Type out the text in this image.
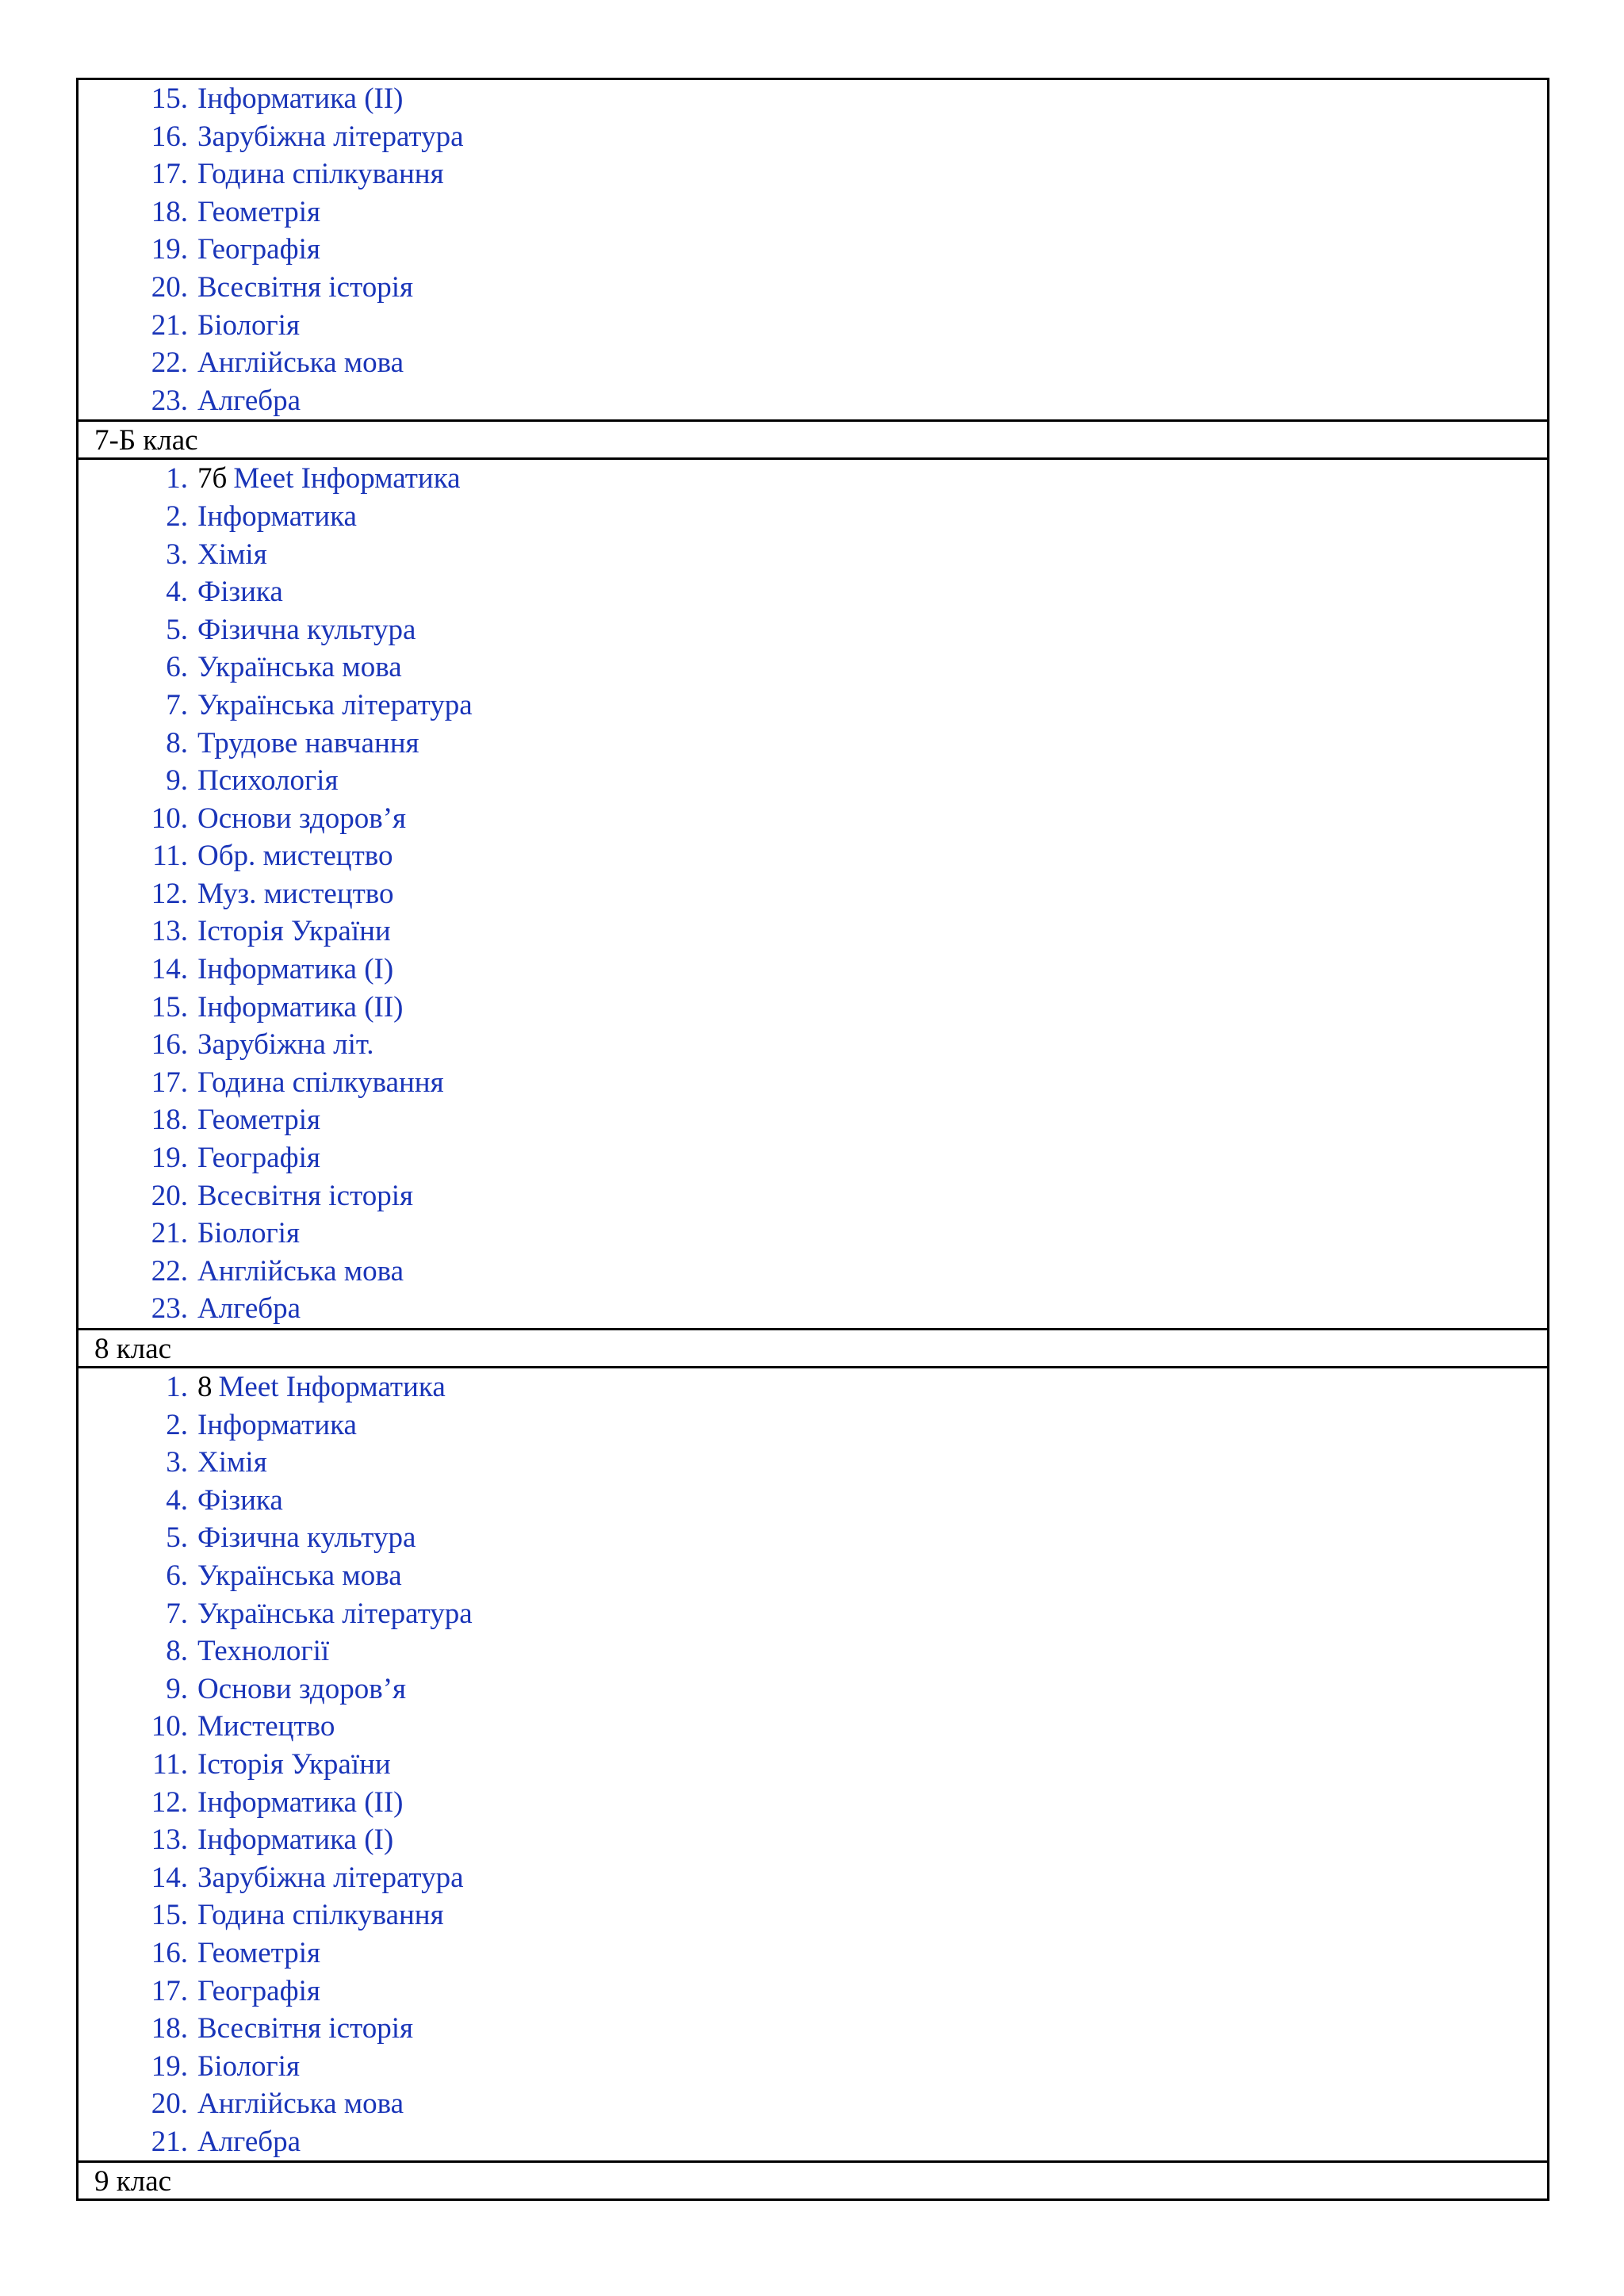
15. Інформатика (II)
16. Зарубіжна література
17. Година спілкування
18. Геометрія
19. Географія
20. Всесвітня історія
21. Біологія
22. Англійська мова
23. Алгебра

7-Б клас

1. 7б Meet Інформатика
2. Інформатика
3. Хімія
4. Фізика
5. Фізична культура
6. Українська мова
7. Українська література
8. Трудове навчання
9. Психологія
10. Основи здоров’я
11. Обр. мистецтво
12. Муз. мистецтво
13. Історія України
14. Інформатика (I)
15. Інформатика (II)
16. Зарубіжна літ.
17. Година спілкування
18. Геометрія
19. Географія
20. Всесвітня історія
21. Біологія
22. Англійська мова
23. Алгебра

8 клас

1. 8 Meet Інформатика
2. Інформатика
3. Хімія
4. Фізика
5. Фізична культура
6. Українська мова
7. Українська література
8. Технології
9. Основи здоров’я
10. Мистецтво
11. Історія України
12. Інформатика (II)
13. Інформатика (I)
14. Зарубіжна література
15. Година спілкування
16. Геометрія
17. Географія
18. Всесвітня історія
19. Біологія
20. Англійська мова
21. Алгебра

9 клас
